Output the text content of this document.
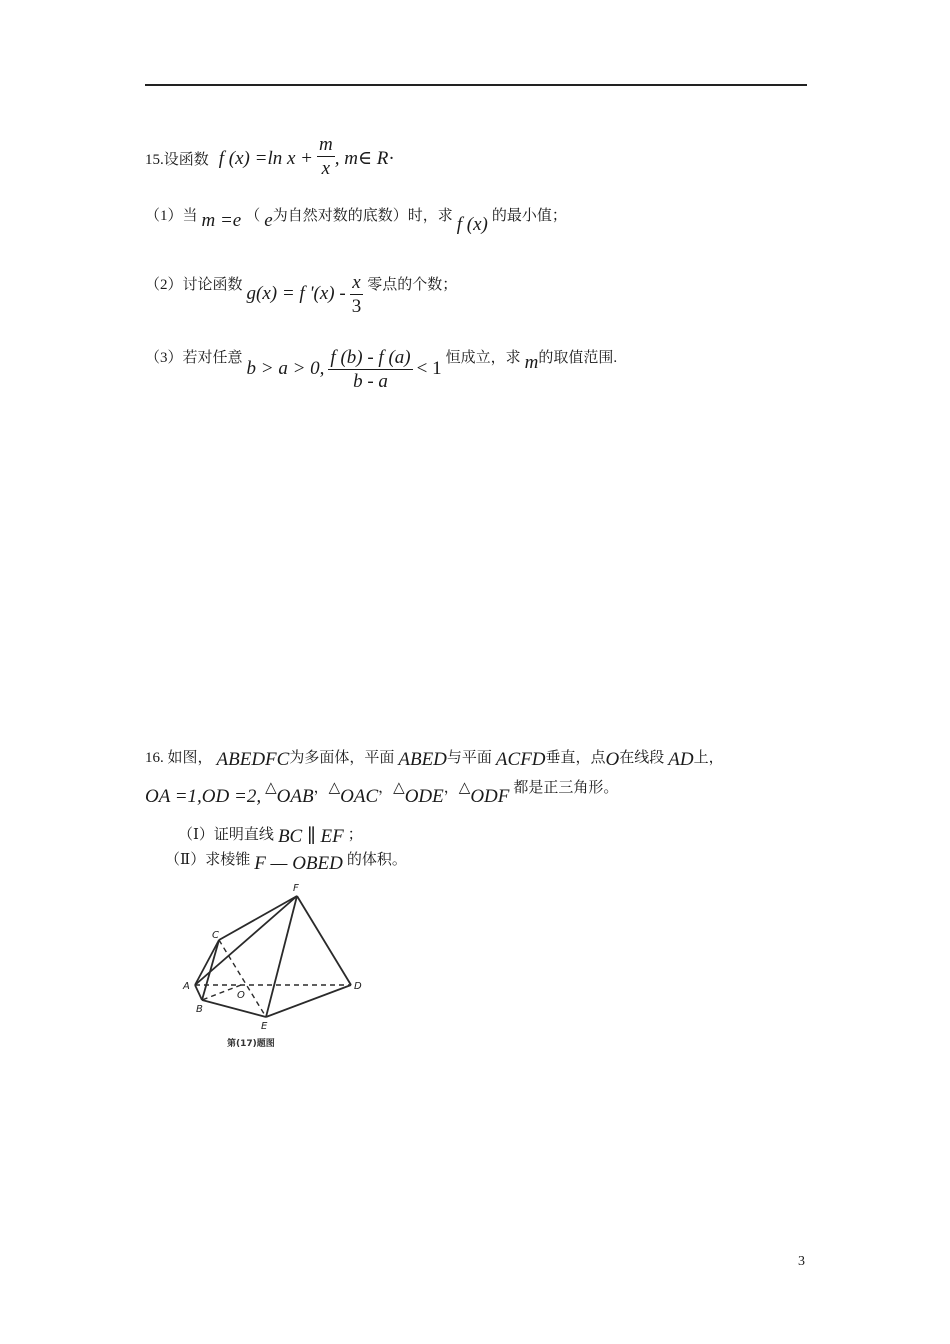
15.设函数 f (x) =ln $x + \frac{m}{x}$ , m∈ R·
（1）当 m =e （ e为自然对数的底数）时，求 f (x) 的最小值；
（2）讨论函数 g(x) = f '$(x) - \frac{x}{3}$ 零点的个数；
（3）若对任意 b > a > 0, $\frac{f (b) - f (a)}{b - a} < 1$ 恒成立，求 m的取值范围.
16. 如图， ABEDFC为多面体，平面 ABED与平面 ACFD垂直，点O在线段 AD上，
OA =1,OD =2, △OAB，△OAC，△ODE，△ODF 都是正三角形。
（Ⅰ）证明直线 BC ∥ EF ；
（Ⅱ）求棱锥 F — OBED 的体积。
F
C
A
O
D
B
E
第(17)题图
3
